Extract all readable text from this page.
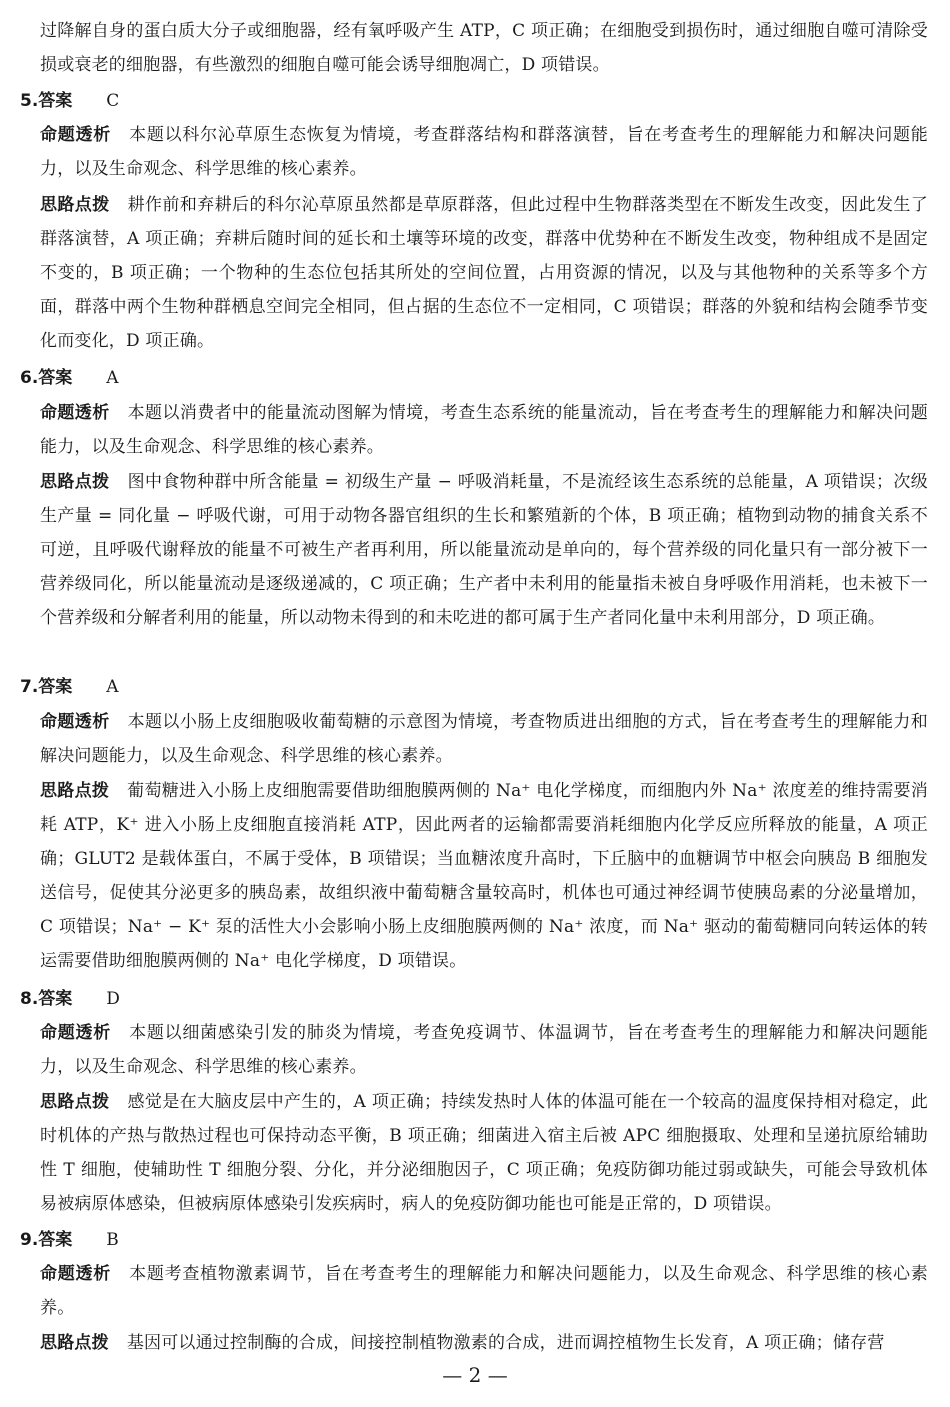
过降解自身的蛋白质大分子或细胞器，经有氧呼吸产生 ATP，C 项正确；在细胞受到损伤时，通过细胞自噬可清除受损或衰老的细胞器，有些激烈的细胞自噬可能会诱导细胞凋亡，D 项错误。

5.答案 C

命题透析 本题以科尔沁草原生态恢复为情境，考查群落结构和群落演替，旨在考查考生的理解能力和解决问题能力，以及生命观念、科学思维的核心素养。

思路点拨 耕作前和弃耕后的科尔沁草原虽然都是草原群落，但此过程中生物群落类型在不断发生改变，因此发生了群落演替，A 项正确；弃耕后随时间的延长和土壤等环境的改变，群落中优势种在不断发生改变，物种组成不是固定不变的，B 项正确；一个物种的生态位包括其所处的空间位置，占用资源的情况，以及与其他物种的关系等多个方面，群落中两个生物种群栖息空间完全相同，但占据的生态位不一定相同，C 项错误；群落的外貌和结构会随季节变化而变化，D 项正确。

6.答案 A

命题透析 本题以消费者中的能量流动图解为情境，考查生态系统的能量流动，旨在考查考生的理解能力和解决问题能力，以及生命观念、科学思维的核心素养。

思路点拨 图中食物种群中所含能量 = 初级生产量 − 呼吸消耗量，不是流经该生态系统的总能量，A 项错误；次级生产量 = 同化量 − 呼吸代谢，可用于动物各器官组织的生长和繁殖新的个体，B 项正确；植物到动物的捕食关系不可逆，且呼吸代谢释放的能量不可被生产者再利用，所以能量流动是单向的，每个营养级的同化量只有一部分被下一营养级同化，所以能量流动是逐级递减的，C 项正确；生产者中未利用的能量指未被自身呼吸作用消耗，也未被下一个营养级和分解者利用的能量，所以动物未得到的和未吃进的都可属于生产者同化量中未利用部分，D 项正确。

7.答案 A

命题透析 本题以小肠上皮细胞吸收葡萄糖的示意图为情境，考查物质进出细胞的方式，旨在考查考生的理解能力和解决问题能力，以及生命观念、科学思维的核心素养。

思路点拨 葡萄糖进入小肠上皮细胞需要借助细胞膜两侧的 Na⁺ 电化学梯度，而细胞内外 Na⁺ 浓度差的维持需要消耗 ATP，K⁺ 进入小肠上皮细胞直接消耗 ATP，因此两者的运输都需要消耗细胞内化学反应所释放的能量，A 项正确；GLUT2 是载体蛋白，不属于受体，B 项错误；当血糖浓度升高时，下丘脑中的血糖调节中枢会向胰岛 B 细胞发送信号，促使其分泌更多的胰岛素，故组织液中葡萄糖含量较高时，机体也可通过神经调节使胰岛素的分泌量增加，C 项错误；Na⁺ − K⁺ 泵的活性大小会影响小肠上皮细胞膜两侧的 Na⁺ 浓度，而 Na⁺ 驱动的葡萄糖同向转运体的转运需要借助细胞膜两侧的 Na⁺ 电化学梯度，D 项错误。

8.答案 D

命题透析 本题以细菌感染引发的肺炎为情境，考查免疫调节、体温调节，旨在考查考生的理解能力和解决问题能力，以及生命观念、科学思维的核心素养。

思路点拨 感觉是在大脑皮层中产生的，A 项正确；持续发热时人体的体温可能在一个较高的温度保持相对稳定，此时机体的产热与散热过程也可保持动态平衡，B 项正确；细菌进入宿主后被 APC 细胞摄取、处理和呈递抗原给辅助性 T 细胞，使辅助性 T 细胞分裂、分化，并分泌细胞因子，C 项正确；免疫防御功能过弱或缺失，可能会导致机体易被病原体感染，但被病原体感染引发疾病时，病人的免疫防御功能也可能是正常的，D 项错误。

9.答案 B

命题透析 本题考查植物激素调节，旨在考查考生的理解能力和解决问题能力，以及生命观念、科学思维的核心素养。

思路点拨 基因可以通过控制酶的合成，间接控制植物激素的合成，进而调控植物生长发育，A 项正确；储存营

— 2 —
